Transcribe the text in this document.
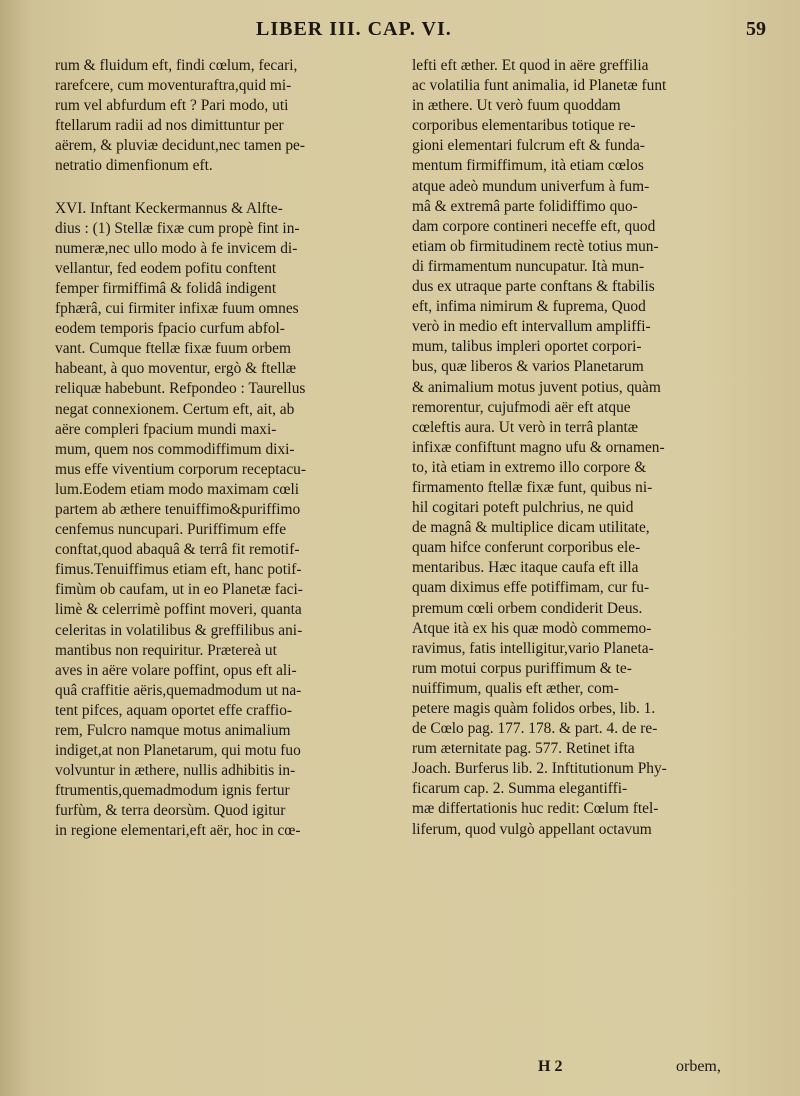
LIBER III. CAP. VI.	59
rum & fluidum eft, findi cœlum, fecari,
rarefcere, cum moventuraftra,quid mi-
rum vel abfurdum eft ? Pari modo, uti
ftellarum radii ad nos dimittuntur per
aërem, & pluviæ decidunt,nec tamen pe-
netratio dimenfionum eft.
XVI. Inftant Keckermannus & Alfte-
dius : (1) Stellæ fixæ cum propè fint in-
numeræ,nec ullo modo à fe invicem di-
vellantur, fed eodem pofitu conftent
femper firmiffimâ & folidâ indigent
fphærâ, cui firmiter infixæ fuum omnes
eodem temporis fpacio curfum abfol-
vant. Cumque ftellæ fixæ fuum orbem
habeant, à quo moventur, ergò & ftellæ
reliquæ habebunt. Refpondeo : Taurellus
negat connexionem. Certum eft, ait, ab
aëre compleri fpacium mundi maxi-
mum, quem nos commodiffimum dixi-
mus effe viventium corporum receptacu-
lum.Eodem etiam modo maximam cœli
partem ab æthere tenuiffimo&puriffimo
cenfemus nuncupari. Puriffimum effe
conftat,quod abaquâ & terrâ fit remotif-
fimus.Tenuiffimus etiam eft, hanc potif-
fimùm ob caufam, ut in eo Planetæ faci-
limè & celerrimè poffint moveri, quanta
celeritas in volatilibus & greffilibus ani-
mantibus non requiritur. Prætereà ut
aves in aëre volare poffint, opus eft ali-
quâ craffitie aëris,quemadmodum ut na-
tent pifces, aquam oportet effe craffio-
rem, Fulcro namque motus animalium
indiget,at non Planetarum, qui motu fuo
volvuntur in æthere, nullis adhibitis in-
ftrumentis,quemadmodum ignis fertur
furfùm, & terra deorsùm. Quod igitur
in regione elementari,eft aër, hoc in cœ-
lefti eft æther. Et quod in aëre greffilia
ac volatilia funt animalia, id Planetæ funt
in æthere. Ut verò fuum quoddam
corporibus elementaribus totique re-
gioni elementari fulcrum eft & funda-
mentum firmiffimum, ità etiam cœlos
atque adeò mundum univerfum à fum-
mâ & extremâ parte folidiffimo quo-
dam corpore contineri neceffe eft, quod
etiam ob firmitudinem rectè totius mun-
di firmamentum nuncupatur. Ità mun-
dus ex utraque parte conftans & ftabilis
eft, infima nimirum & fuprema, Quod
verò in medio eft intervallum ampliffi-
mum, talibus impleri oportet corpori-
bus, quæ liberos & varios Planetarum
& animalium motus juvent potius, quàm
remorentur, cujufmodi aër eft atque
cœleftis aura. Ut verò in terrâ plantæ
infixæ confiftunt magno ufu & ornamen-
to, ità etiam in extremo illo corpore &
firmamento ftellæ fixæ funt, quibus ni-
hil cogitari poteft pulchrius, ne quid
de magnâ & multiplice dicam utilitate,
quam hifce conferunt corporibus ele-
mentaribus. Hæc itaque caufa eft illa
quam diximus effe potiffimam, cur fu-
premum cœli orbem condiderit Deus.
Atque ità ex his quæ modò commemo-
ravimus, fatis intelligitur,vario Planeta-
rum motui corpus puriffimum & te-
nuiffimum, qualis eft æther, com-
petere magis quàm folidos orbes, lib. 1.
de Cœlo pag. 177. 178. & part. 4. de re-
rum æternitate pag. 577. Retinet ifta
Joach. Burferus lib. 2. Inftitutionum Phy-
ficarum cap. 2. Summa elegantiffi-
mæ differtationis huc redit: Cœlum ftel-
liferum, quod vulgò appellant octavum
H 2	orbem,
